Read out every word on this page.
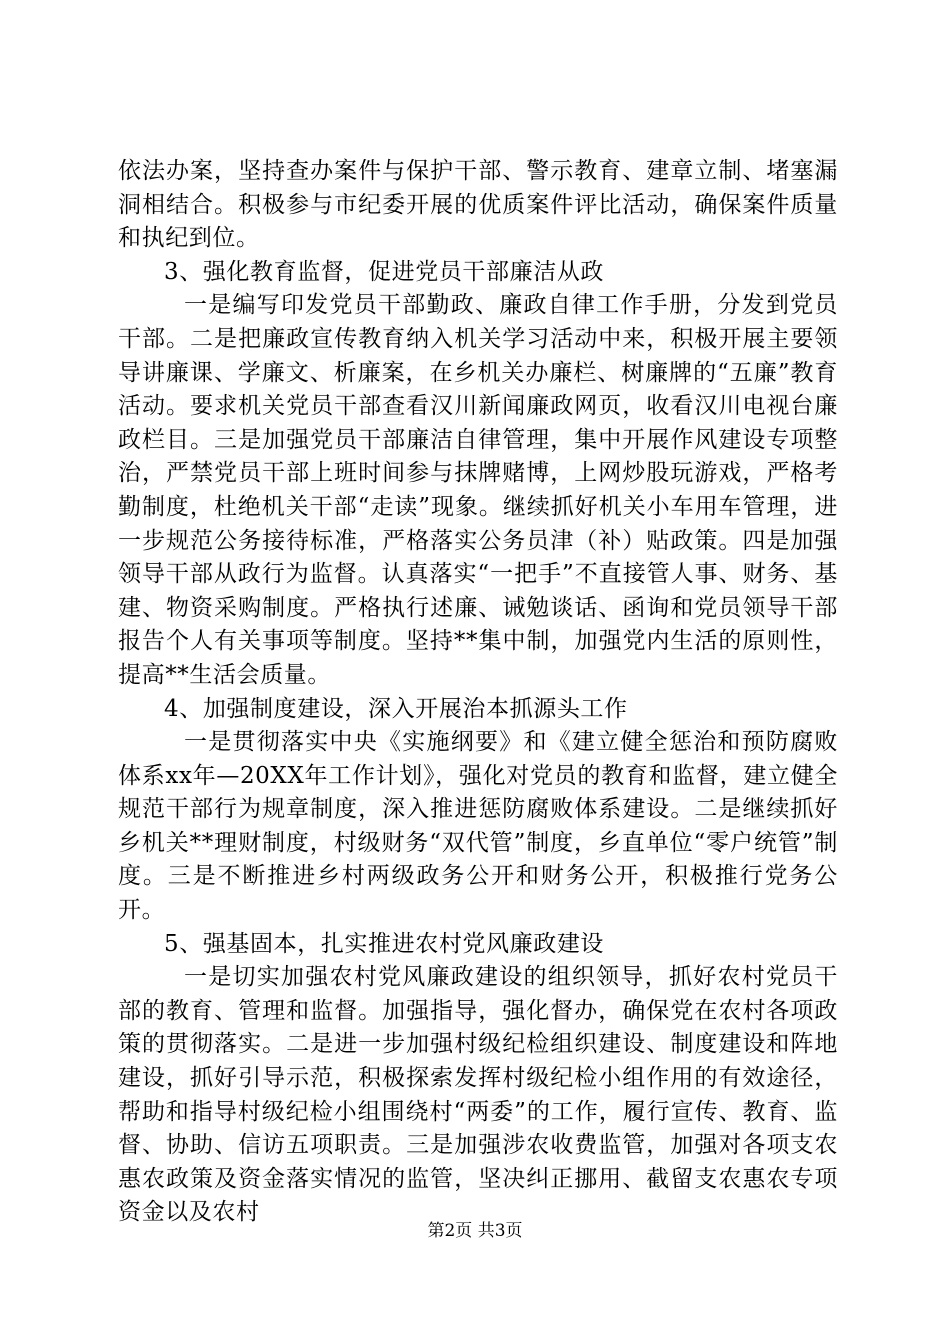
依法办案，坚持查办案件与保护干部、警示教育、建章立制、堵塞漏洞相结合。积极参与市纪委开展的优质案件评比活动，确保案件质量和执纪到位。

3、强化教育监督，促进党员干部廉洁从政

一是编写印发党员干部勤政、廉政自律工作手册，分发到党员干部。二是把廉政宣传教育纳入机关学习活动中来，积极开展主要领导讲廉课、学廉文、析廉案，在乡机关办廉栏、树廉牌的“五廉”教育活动。要求机关党员干部查看汉川新闻廉政网页，收看汉川电视台廉政栏目。三是加强党员干部廉洁自律管理，集中开展作风建设专项整治，严禁党员干部上班时间参与抹牌赌博，上网炒股玩游戏，严格考勤制度，杜绝机关干部“走读”现象。继续抓好机关小车用车管理，进一步规范公务接待标准，严格落实公务员津（补）贴政策。四是加强领导干部从政行为监督。认真落实“一把手”不直接管人事、财务、基建、物资采购制度。严格执行述廉、诫勉谈话、函询和党员领导干部报告个人有关事项等制度。坚持**集中制，加强党内生活的原则性，提高**生活会质量。

4、加强制度建设，深入开展治本抓源头工作

一是贯彻落实中央《实施纲要》和《建立健全惩治和预防腐败体系xx年—20XX年工作计划》，强化对党员的教育和监督，建立健全规范干部行为规章制度，深入推进惩防腐败体系建设。二是继续抓好乡机关**理财制度，村级财务“双代管”制度，乡直单位“零户统管”制度。三是不断推进乡村两级政务公开和财务公开，积极推行党务公开。

5、强基固本，扎实推进农村党风廉政建设

一是切实加强农村党风廉政建设的组织领导，抓好农村党员干部的教育、管理和监督。加强指导，强化督办，确保党在农村各项政策的贯彻落实。二是进一步加强村级纪检组织建设、制度建设和阵地建设，抓好引导示范，积极探索发挥村级纪检小组作用的有效途径，帮助和指导村级纪检小组围绕村“两委”的工作，履行宣传、教育、监督、协助、信访五项职责。三是加强涉农收费监管，加强对各项支农惠农政策及资金落实情况的监管，坚决纠正挪用、截留支农惠农专项资金以及农村

第2页 共3页
